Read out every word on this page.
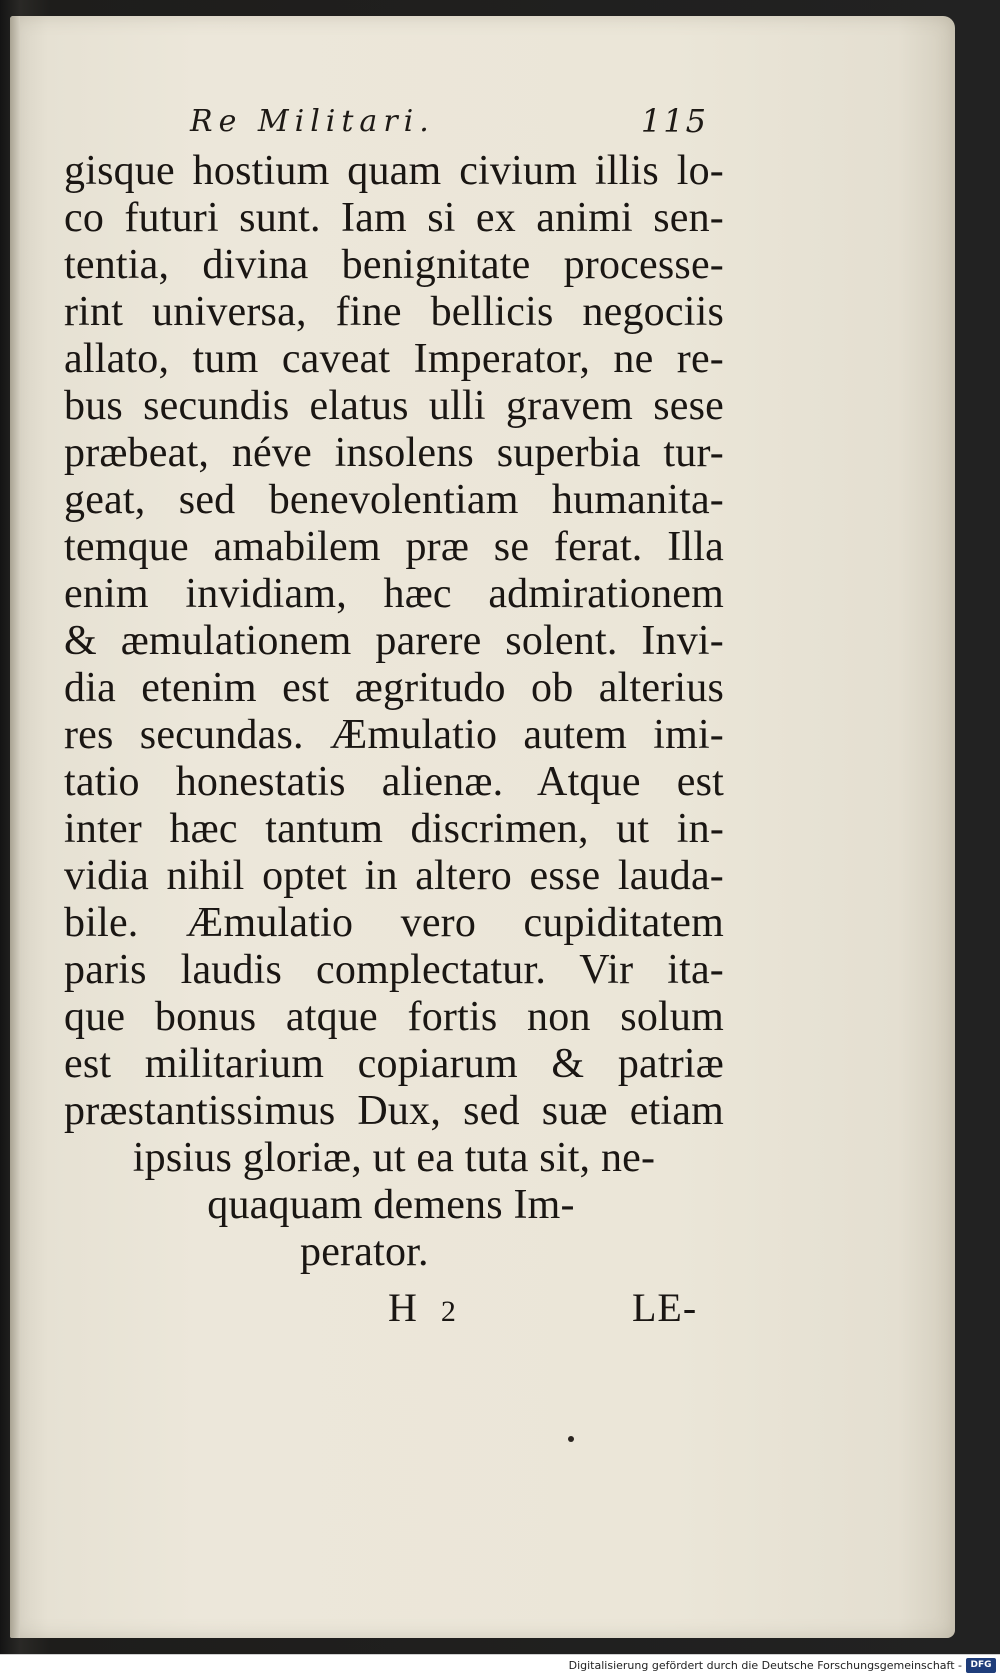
Re Militari.	115
gisque hostium quam civium illis lo-
co futuri sunt. Iam si ex animi sen-
tentia, divina benignitate processe-
rint universa, fine bellicis negociis
allato, tum caveat Imperator, ne re-
bus secundis elatus ulli gravem sese
præbeat, néve insolens superbia tur-
geat, sed benevolentiam humanita-
temque amabilem præ se ferat. Illa
enim invidiam, hæc admirationem
& æmulationem parere solent. Invi-
dia etenim est ægritudo ob alterius
res secundas. Æmulatio autem imi-
tatio honestatis alienæ. Atque est
inter hæc tantum discrimen, ut in-
vidia nihil optet in altero esse lauda-
bile. Æmulatio vero cupiditatem
paris laudis complectatur. Vir ita-
que bonus atque fortis non solum
est militarium copiarum & patriæ
præstantissimus Dux, sed suæ etiam
ipsius gloriæ, ut ea tuta sit, ne-
quaquam demens Im-
perator.
H 2	LE-
Digitalisierung gefördert durch die Deutsche Forschungsgemeinschaft - DFG
